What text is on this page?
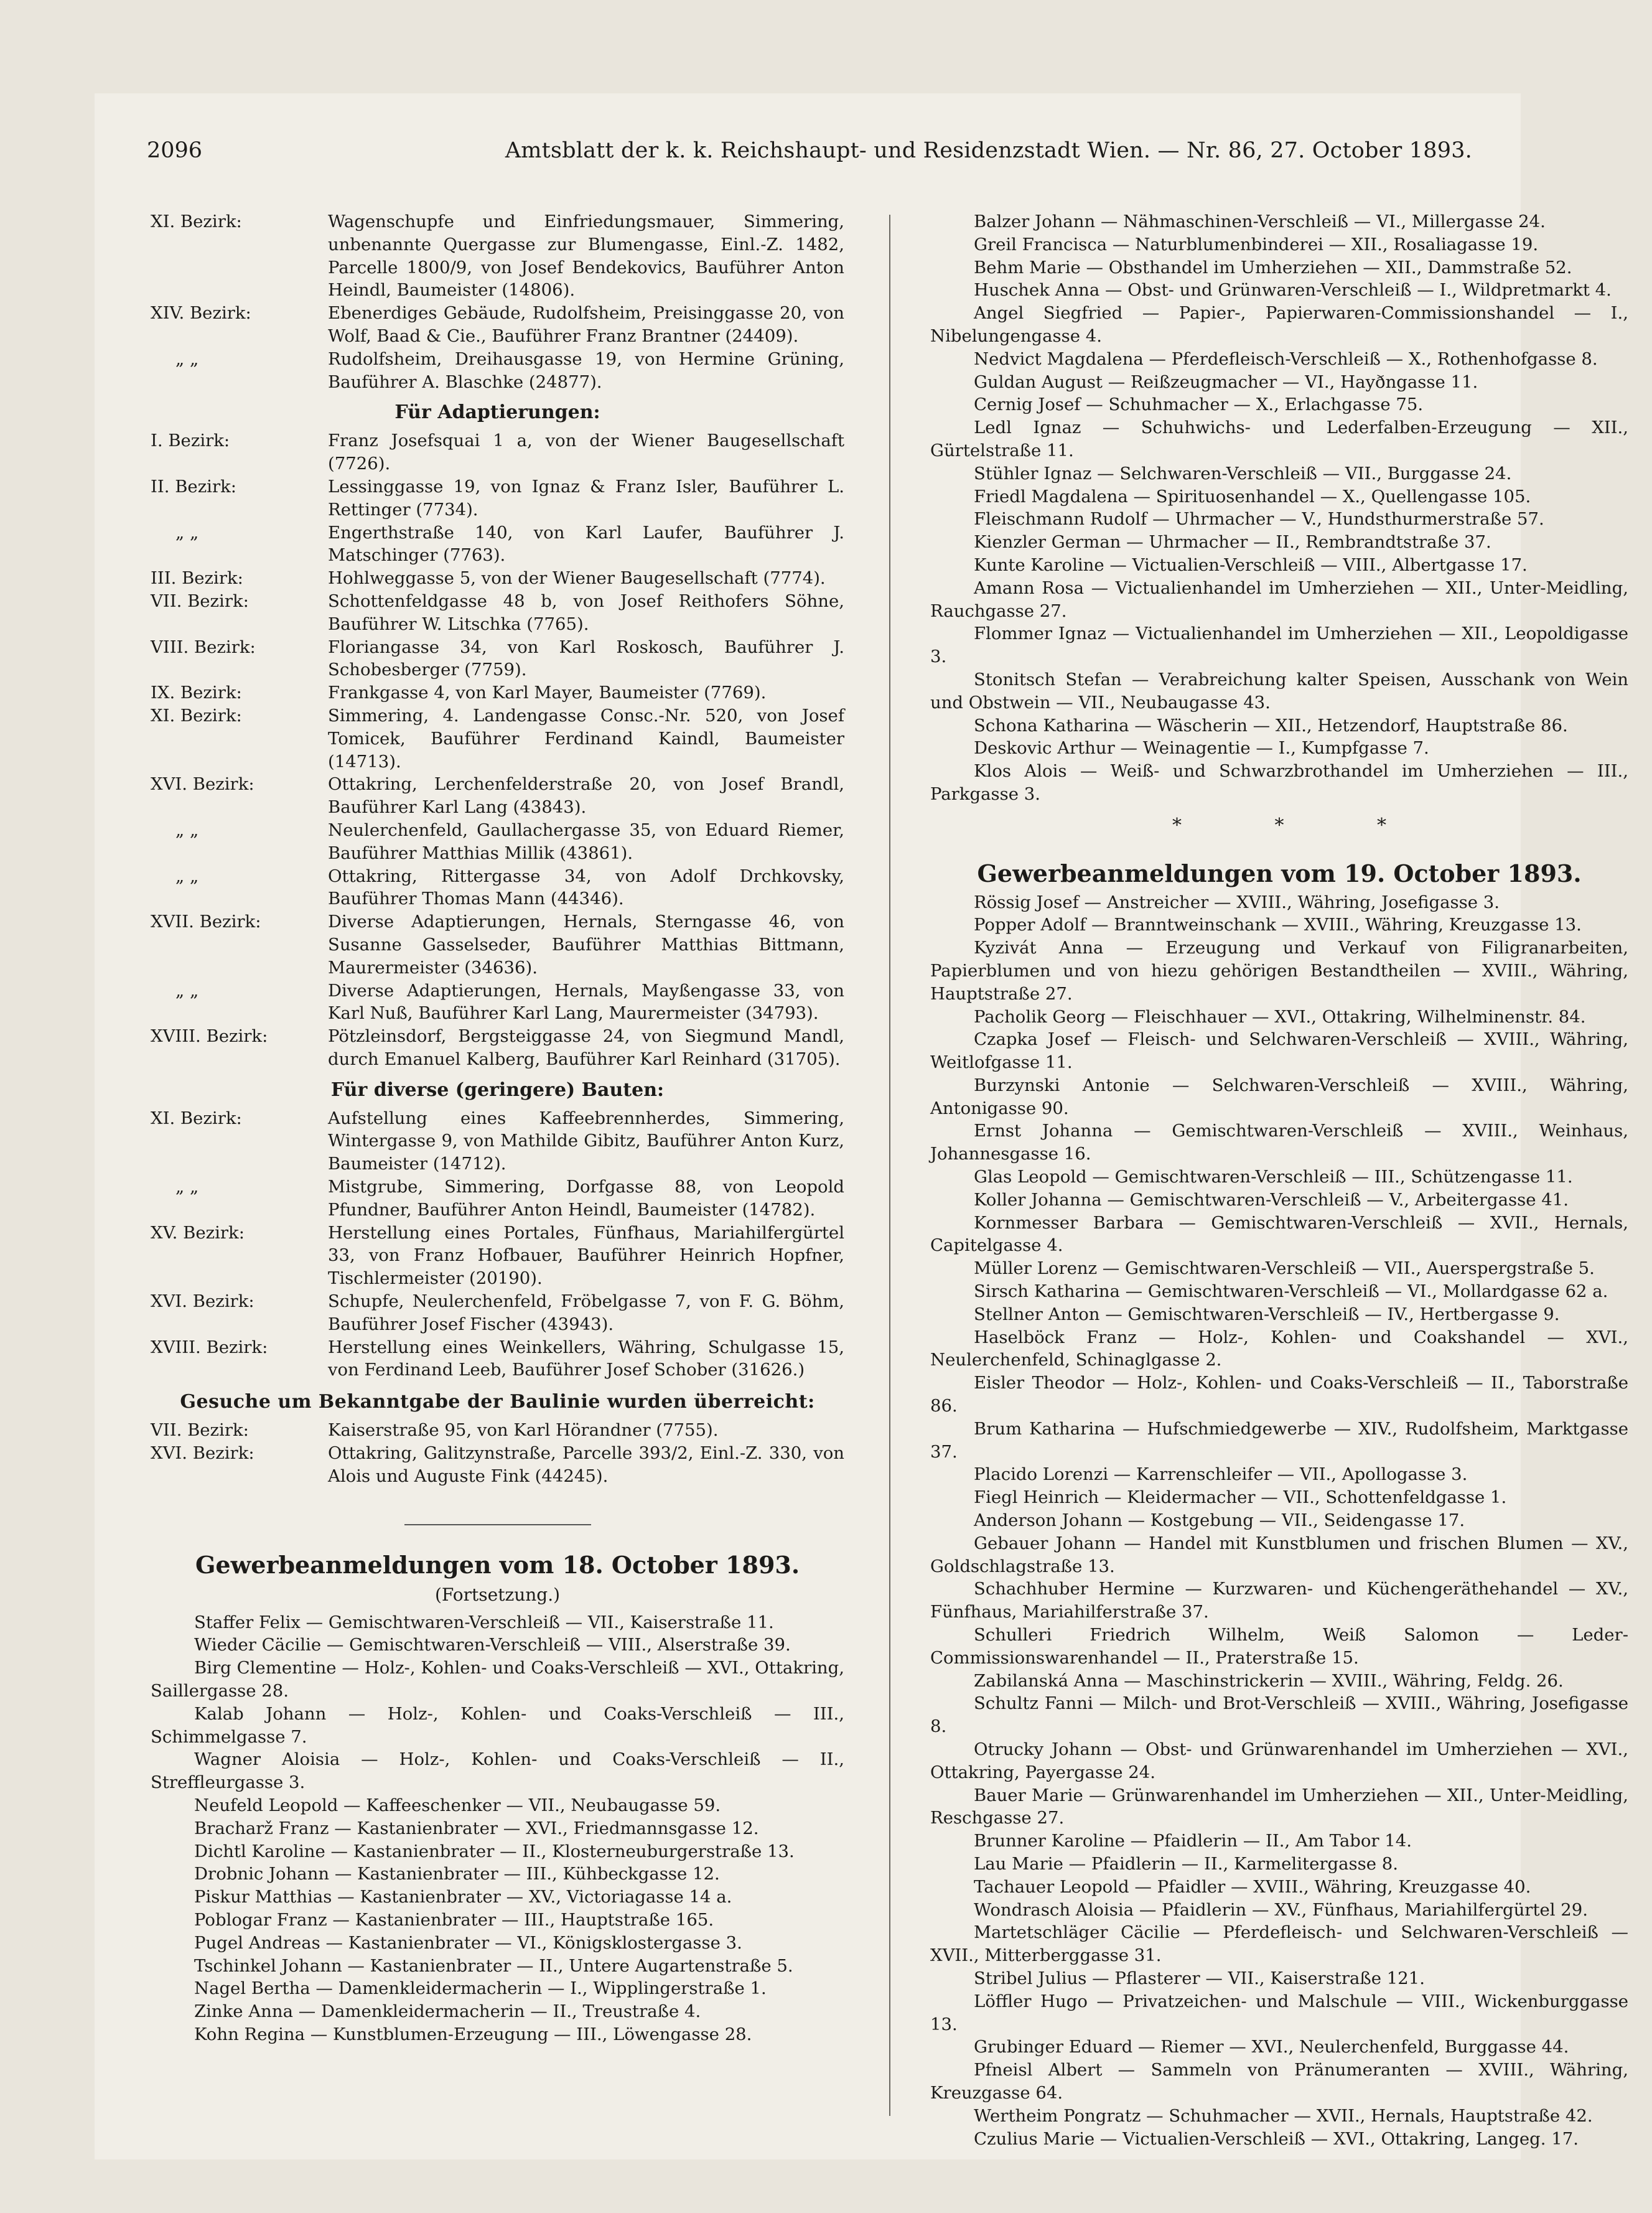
2096	Amtsblatt der k. k. Reichshaupt- und Residenzstadt Wien. — Nr. 86, 27. October 1893.
XI. Bezirk:	Wagenschupfe und Einfriedungsmauer, Simmering, unbenannte Quergasse zur Blumengasse, Einl.-Z. 1482, Parcelle 1800/9, von Josef Bendekovics, Bauführer Anton Heindl, Baumeister (14806).
XIV. Bezirk:	Ebenerdiges Gebäude, Rudolfsheim, Preisinggasse 20, von Wolf, Baad & Cie., Bauführer Franz Brantner (24409).
„ „	Rudolfsheim, Dreihausgasse 19, von Hermine Grüning, Bauführer A. Blaschke (24877).
Für Adaptierungen:
I. Bezirk:	Franz Josefsquai 1 a, von der Wiener Baugesellschaft (7726).
II. Bezirk:	Lessinggasse 19, von Ignaz & Franz Isler, Bauführer L. Rettinger (7734).
„ „	Engerthstraße 140, von Karl Laufer, Bauführer J. Matschinger (7763).
III. Bezirk:	Hohlweggasse 5, von der Wiener Baugesellschaft (7774).
VII. Bezirk:	Schottenfeldgasse 48 b, von Josef Reithofers Söhne, Bauführer W. Litschka (7765).
VIII. Bezirk:	Floriangasse 34, von Karl Roskosch, Bauführer J. Schobesberger (7759).
IX. Bezirk:	Frankgasse 4, von Karl Mayer, Baumeister (7769).
XI. Bezirk:	Simmering, 4. Landengasse Consc.-Nr. 520, von Josef Tomicek, Bauführer Ferdinand Kaindl, Baumeister (14713).
XVI. Bezirk:	Ottakring, Lerchenfelderstraße 20, von Josef Brandl, Bauführer Karl Lang (43843).
„ „	Neulerchenfeld, Gaullachergasse 35, von Eduard Riemer, Bauführer Matthias Millik (43861).
„ „	Ottakring, Rittergasse 34, von Adolf Drchkovsky, Bauführer Thomas Mann (44346).
XVII. Bezirk:	Diverse Adaptierungen, Hernals, Sterngasse 46, von Susanne Gasselseder, Bauführer Matthias Bittmann, Maurermeister (34636).
„ „	Diverse Adaptierungen, Hernals, Mayßengasse 33, von Karl Nuß, Bauführer Karl Lang, Maurermeister (34793).
XVIII. Bezirk:	Pötzleinsdorf, Bergsteiggasse 24, von Siegmund Mandl, durch Emanuel Kalberg, Bauführer Karl Reinhard (31705).
Für diverse (geringere) Bauten:
XI. Bezirk:	Aufstellung eines Kaffeebrennherdes, Simmering, Wintergasse 9, von Mathilde Gibitz, Bauführer Anton Kurz, Baumeister (14712).
„ „	Mistgrube, Simmering, Dorfgasse 88, von Leopold Pfundner, Bauführer Anton Heindl, Baumeister (14782).
XV. Bezirk:	Herstellung eines Portales, Fünfhaus, Mariahilfergürtel 33, von Franz Hofbauer, Bauführer Heinrich Hopfner, Tischlermeister (20190).
XVI. Bezirk:	Schupfe, Neulerchenfeld, Fröbelgasse 7, von F. G. Böhm, Bauführer Josef Fischer (43943).
XVIII. Bezirk:	Herstellung eines Weinkellers, Währing, Schulgasse 15, von Ferdinand Leeb, Bauführer Josef Schober (31626.)
Gesuche um Bekanntgabe der Baulinie wurden überreicht:
VII. Bezirk:	Kaiserstraße 95, von Karl Hörandner (7755).
XVI. Bezirk:	Ottakring, Galitzynstraße, Parcelle 393/2, Einl.-Z. 330, von Alois und Auguste Fink (44245).
Gewerbeanmeldungen vom 18. October 1893.
(Fortsetzung.)
Staffer Felix — Gemischtwaren-Verschleiß — VII., Kaiserstraße 11.
Wieder Cäcilie — Gemischtwaren-Verschleiß — VIII., Alserstraße 39.
Birg Clementine — Holz-, Kohlen- und Coaks-Verschleiß — XVI., Ottakring, Saillergasse 28.
Kalab Johann — Holz-, Kohlen- und Coaks-Verschleiß — III., Schimmelgasse 7.
Wagner Aloisia — Holz-, Kohlen- und Coaks-Verschleiß — II., Strefflеurgasse 3.
Neufeld Leopold — Kaffeeschenker — VII., Neubaugasse 59.
Bracharž Franz — Kastanienbrater — XVI., Friedmannsgasse 12.
Dichtl Karoline — Kastanienbrater — II., Klosterneuburgerstraße 13.
Drobnic Johann — Kastanienbrater — III., Kühbeckgasse 12.
Piskur Matthias — Kastanienbrater — XV., Victoriagasse 14 a.
Poblogar Franz — Kastanienbrater — III., Hauptstraße 165.
Pugel Andreas — Kastanienbrater — VI., Königsklostergasse 3.
Tschinkel Johann — Kastanienbrater — II., Untere Augartenstraße 5.
Nagel Bertha — Damenkleidermacherin — I., Wipplingerstraße 1.
Zinke Anna — Damenkleidermacherin — II., Treustraße 4.
Kohn Regina — Kunstblumen-Erzeugung — III., Löwengasse 28.
Balzer Johann — Nähmaschinen-Verschleiß — VI., Millergasse 24.
Greil Francisca — Naturblumenbinderei — XII., Rosaliagasse 19.
Behm Marie — Obsthandel im Umherziehen — XII., Dammstraße 52.
Huschek Anna — Obst- und Grünwaren-Verschleiß — I., Wildpretmarkt 4.
Angel Siegfried — Papier-, Papierwaren-Commissionshandel — I., Nibelungengasse 4.
Nedvict Magdalena — Pferdefleisch-Verschleiß — X., Rothenhofgasse 8.
Guldan August — Reißzeugmacher — VI., Hayðngasse 11.
Cernig Josef — Schuhmacher — X., Erlachgasse 75.
Ledl Ignaz — Schuhwichs- und Lederfalben-Erzeugung — XII., Gürtelstraße 11.
Stühler Ignaz — Selchwaren-Verschleiß — VII., Burggasse 24.
Friedl Magdalena — Spirituosenhandel — X., Quellengasse 105.
Fleischmann Rudolf — Uhrmacher — V., Hundsthurmerstraße 57.
Kienzler German — Uhrmacher — II., Rembrandtstraße 37.
Kunte Karoline — Victualien-Verschleiß — VIII., Albertgasse 17.
Amann Rosa — Victualienhandel im Umherziehen — XII., Unter-Meidling, Rauchgasse 27.
Flommer Ignaz — Victualienhandel im Umherziehen — XII., Leopoldigasse 3.
Stonitsch Stefan — Verabreichung kalter Speisen, Ausschank von Wein und Obstwein — VII., Neubaugasse 43.
Schona Katharina — Wäscherin — XII., Hetzendorf, Hauptstraße 86.
Deskovic Arthur — Weinagentie — I., Kumpfgasse 7.
Klos Alois — Weiß- und Schwarzbrothandel im Umherziehen — III., Parkgasse 3.
* * *
Gewerbeanmeldungen vom 19. October 1893.
Rössig Josef — Anstreicher — XVIII., Währing, Josefigasse 3.
Popper Adolf — Branntweinschank — XVIII., Währing, Kreuzgasse 13.
Kyzivát Anna — Erzeugung und Verkauf von Filigranarbeiten, Papierblumen und von hiezu gehörigen Bestandtheilen — XVIII., Währing, Hauptstraße 27.
Pacholik Georg — Fleischhauer — XVI., Ottakring, Wilhelminenstr. 84.
Czapka Josef — Fleisch- und Selchwaren-Verschleiß — XVIII., Währing, Weitlofgasse 11.
Burzynski Antonie — Selchwaren-Verschleiß — XVIII., Währing, Antonigasse 90.
Ernst Johanna — Gemischtwaren-Verschleiß — XVIII., Weinhaus, Johannesgasse 16.
Glas Leopold — Gemischtwaren-Verschleiß — III., Schützengasse 11.
Koller Johanna — Gemischtwaren-Verschleiß — V., Arbeitergasse 41.
Kornmesser Barbara — Gemischtwaren-Verschleiß — XVII., Hernals, Capitelgasse 4.
Müller Lorenz — Gemischtwaren-Verschleiß — VII., Auerspergstraße 5.
Sirsch Katharina — Gemischtwaren-Verschleiß — VI., Mollardgasse 62 a.
Stellner Anton — Gemischtwaren-Verschleiß — IV., Hertbergasse 9.
Haselböck Franz — Holz-, Kohlen- und Coakshandel — XVI., Neulerchenfeld, Schinaglgasse 2.
Eisler Theodor — Holz-, Kohlen- und Coaks-Verschleiß — II., Taborstraße 86.
Brum Katharina — Hufschmiedgewerbe — XIV., Rudolfsheim, Marktgasse 37.
Placido Lorenzi — Karrenschleifer — VII., Apollogasse 3.
Fiegl Heinrich — Kleidermacher — VII., Schottenfeldgasse 1.
Anderson Johann — Kostgebung — VII., Seidengasse 17.
Gebauer Johann — Handel mit Kunstblumen und frischen Blumen — XV., Goldschlagstraße 13.
Schachhuber Hermine — Kurzwaren- und Küchengeräthehandel — XV., Fünfhaus, Mariahilferstraße 37.
Schulleri Friedrich Wilhelm, Weiß Salomon — Leder-Commissionswarenhandel — II., Praterstraße 15.
Zabilanská Anna — Maschinstrickerin — XVIII., Währing, Feldg. 26.
Schultz Fanni — Milch- und Brot-Verschleiß — XVIII., Währing, Josefigasse 8.
Otrucky Johann — Obst- und Grünwarenhandel im Umherziehen — XVI., Ottakring, Payergasse 24.
Bauer Marie — Grünwarenhandel im Umherziehen — XII., Unter-Meidling, Reschgasse 27.
Brunner Karoline — Pfaidlerin — II., Am Tabor 14.
Lau Marie — Pfaidlerin — II., Karmelitergasse 8.
Tachauer Leopold — Pfaidler — XVIII., Währing, Kreuzgasse 40.
Wondrasch Aloisia — Pfaidlerin — XV., Fünfhaus, Mariahilfergürtel 29.
Martetschläger Cäcilie — Pferdefleisch- und Selchwaren-Verschleiß — XVII., Mitterberggasse 31.
Stribel Julius — Pflasterer — VII., Kaiserstraße 121.
Löffler Hugo — Privatzeichen- und Malschule — VIII., Wickenburggasse 13.
Grubinger Eduard — Riemer — XVI., Neulerchenfeld, Burggasse 44.
Pfneisl Albert — Sammeln von Pränumeranten — XVIII., Währing, Kreuzgasse 64.
Wertheim Pongratz — Schuhmacher — XVII., Hernals, Hauptstraße 42.
Czulius Marie — Victualien-Verschleiß — XVI., Ottakring, Langeg. 17.
